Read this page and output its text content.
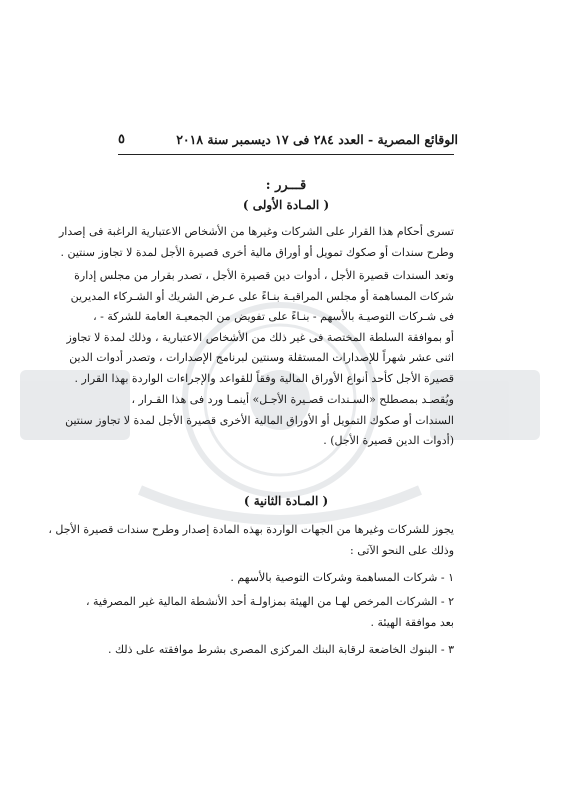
الوقائع المصرية - العدد ٢٨٤ فى ١٧ ديسمبر سنة ٢٠١٨
٥
قـــرر :
( المـادة الأولى )
تسرى أحكام هذا القرار على الشركات وغيرها من الأشخاص الاعتبارية الراغبة فى إصدار
وطرح سندات أو صكوك تمويل أو أوراق مالية أخرى قصيرة الأجل لمدة لا تجاوز سنتين .
وتعد السندات قصيرة الأجل ، أدوات دين قصيرة الأجل ، تصدر بقرار من مجلس إدارة
شركات المساهمة أو مجلس المراقبـة بنـاءً على عـرض الشريك أو الشـركاء المديرين
فى شـركات التوصيـة بالأسهم - بنـاءً على تفويض من الجمعيـة العامة للشركة - ،
أو بموافقة السلطة المختصة فى غير ذلك من الأشخاص الاعتبارية ، وذلك لمدة لا تجاوز
اثنى عشر شهراً للإصدارات المستقلة وسنتين لبرنامج الإصدارات ، وتصدر أدوات الدين
قصيرة الأجل كأحد أنواع الأوراق المالية وفقاً للقواعد والإجراءات الواردة بهذا القرار .
ويُقصـد بمصطلح «السـندات قصـيرة الأجـل» أينمـا ورد فى هذا القـرار ،
السندات أو صكوك التمويل أو الأوراق المالية الأخرى قصيرة الأجل لمدة لا تجاوز سنتين
(أدوات الدين قصيرة الأجل) .
( المـادة الثانية )
يجوز للشركات وغيرها من الجهات الواردة بهذه المادة إصدار وطرح سندات قصيرة الأجل ،
وذلك على النحو الآتى :
١ - شركات المساهمة وشركات التوصية بالأسهم .
٢ - الشركات المرخص لهـا من الهيئة بمزاولـة أحد الأنشطة المالية غير المصرفية ،
بعد موافقة الهيئة .
٣ - البنوك الخاضعة لرقابة البنك المركزى المصرى بشرط موافقته على ذلك .
